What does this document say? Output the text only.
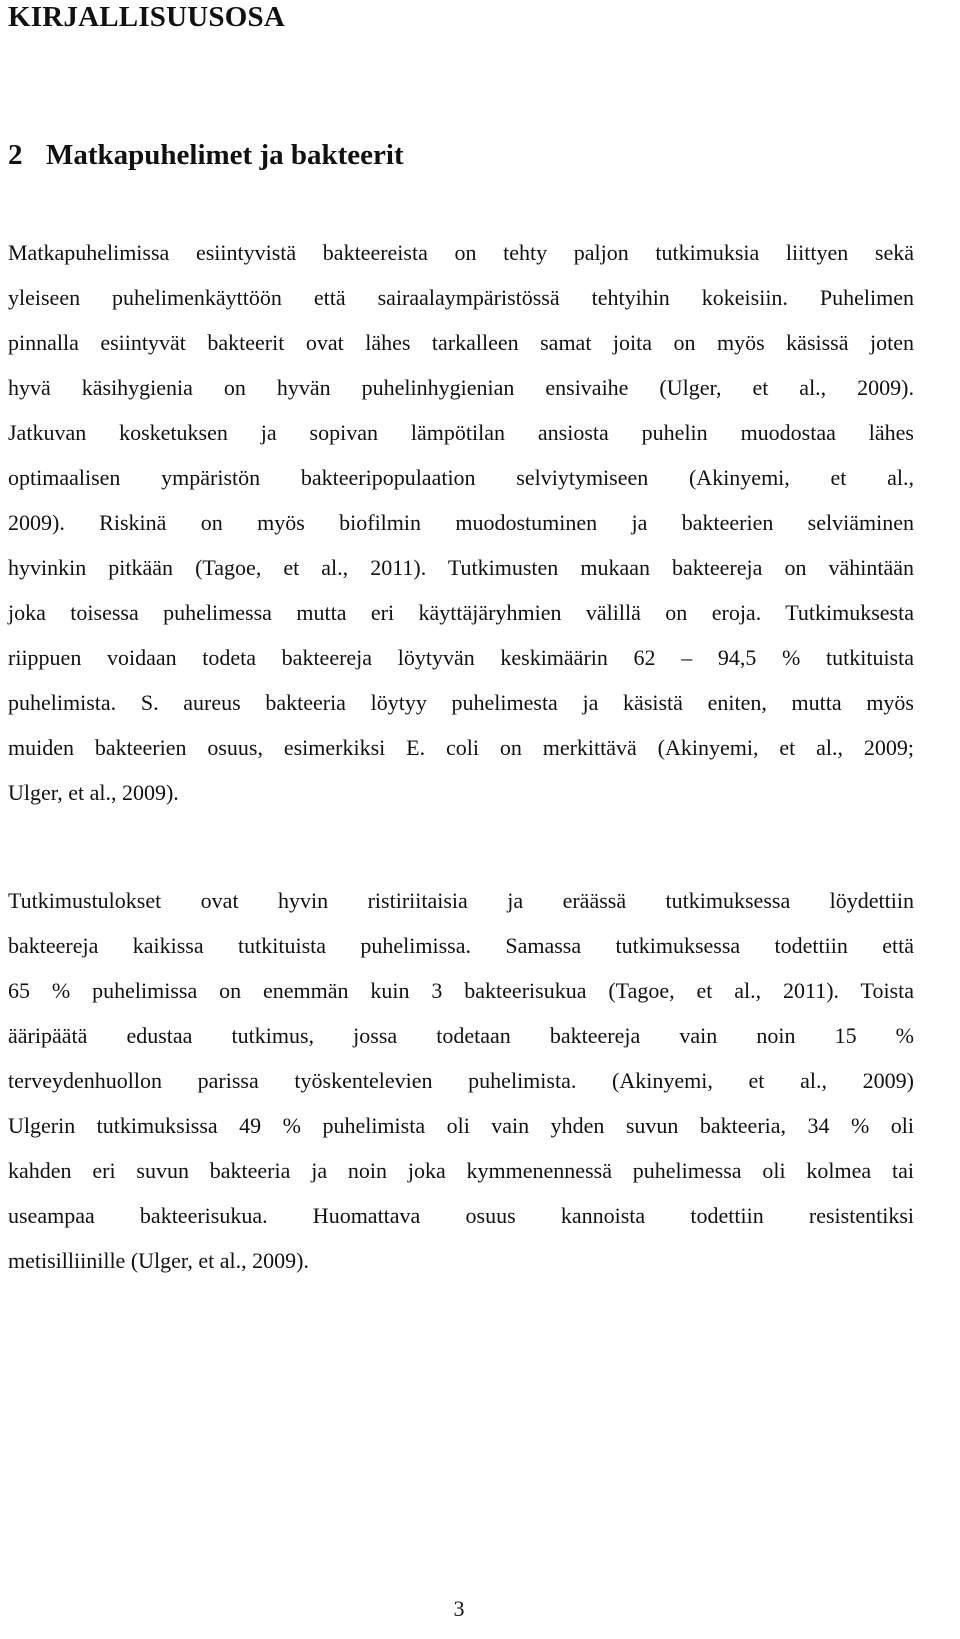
KIRJALLISUUSOSA
2 Matkapuhelimet ja bakteerit
Matkapuhelimissa esiintyvistä bakteereista on tehty paljon tutkimuksia liittyen sekä
yleiseen puhelimenkäyttöön että sairaalaympäristössä tehtyihin kokeisiin. Puhelimen
pinnalla esiintyvät bakteerit ovat lähes tarkalleen samat joita on myös käsissä joten
hyvä käsihygienia on hyvän puhelinhygienian ensivaihe (Ulger, et al., 2009).
Jatkuvan kosketuksen ja sopivan lämpötilan ansiosta puhelin muodostaa lähes
optimaalisen ympäristön bakteeripopulaation selviytymiseen (Akinyemi, et al.,
2009). Riskinä on myös biofilmin muodostuminen ja bakteerien selviäminen
hyvinkin pitkään (Tagoe, et al., 2011). Tutkimusten mukaan bakteereja on vähintään
joka toisessa puhelimessa mutta eri käyttäjäryhmien välillä on eroja. Tutkimuksesta
riippuen voidaan todeta bakteereja löytyvän keskimäärin 62 – 94,5 % tutkituista
puhelimista. S. aureus bakteeria löytyy puhelimesta ja käsistä eniten, mutta myös
muiden bakteerien osuus, esimerkiksi E. coli on merkittävä (Akinyemi, et al., 2009;
Ulger, et al., 2009).
Tutkimustulokset ovat hyvin ristiriitaisia ja eräässä tutkimuksessa löydettiin
bakteereja kaikissa tutkituista puhelimissa. Samassa tutkimuksessa todettiin että
65 % puhelimissa on enemmän kuin 3 bakteerisukua (Tagoe, et al., 2011). Toista
ääripäätä edustaa tutkimus, jossa todetaan bakteereja vain noin 15 %
terveydenhuollon parissa työskentelevien puhelimista. (Akinyemi, et al., 2009)
Ulgerin tutkimuksissa 49 % puhelimista oli vain yhden suvun bakteeria, 34 % oli
kahden eri suvun bakteeria ja noin joka kymmenennessä puhelimessa oli kolmea tai
useampaa bakteerisukua. Huomattava osuus kannoista todettiin resistentiksi
metisilliinille (Ulger, et al., 2009).

3
